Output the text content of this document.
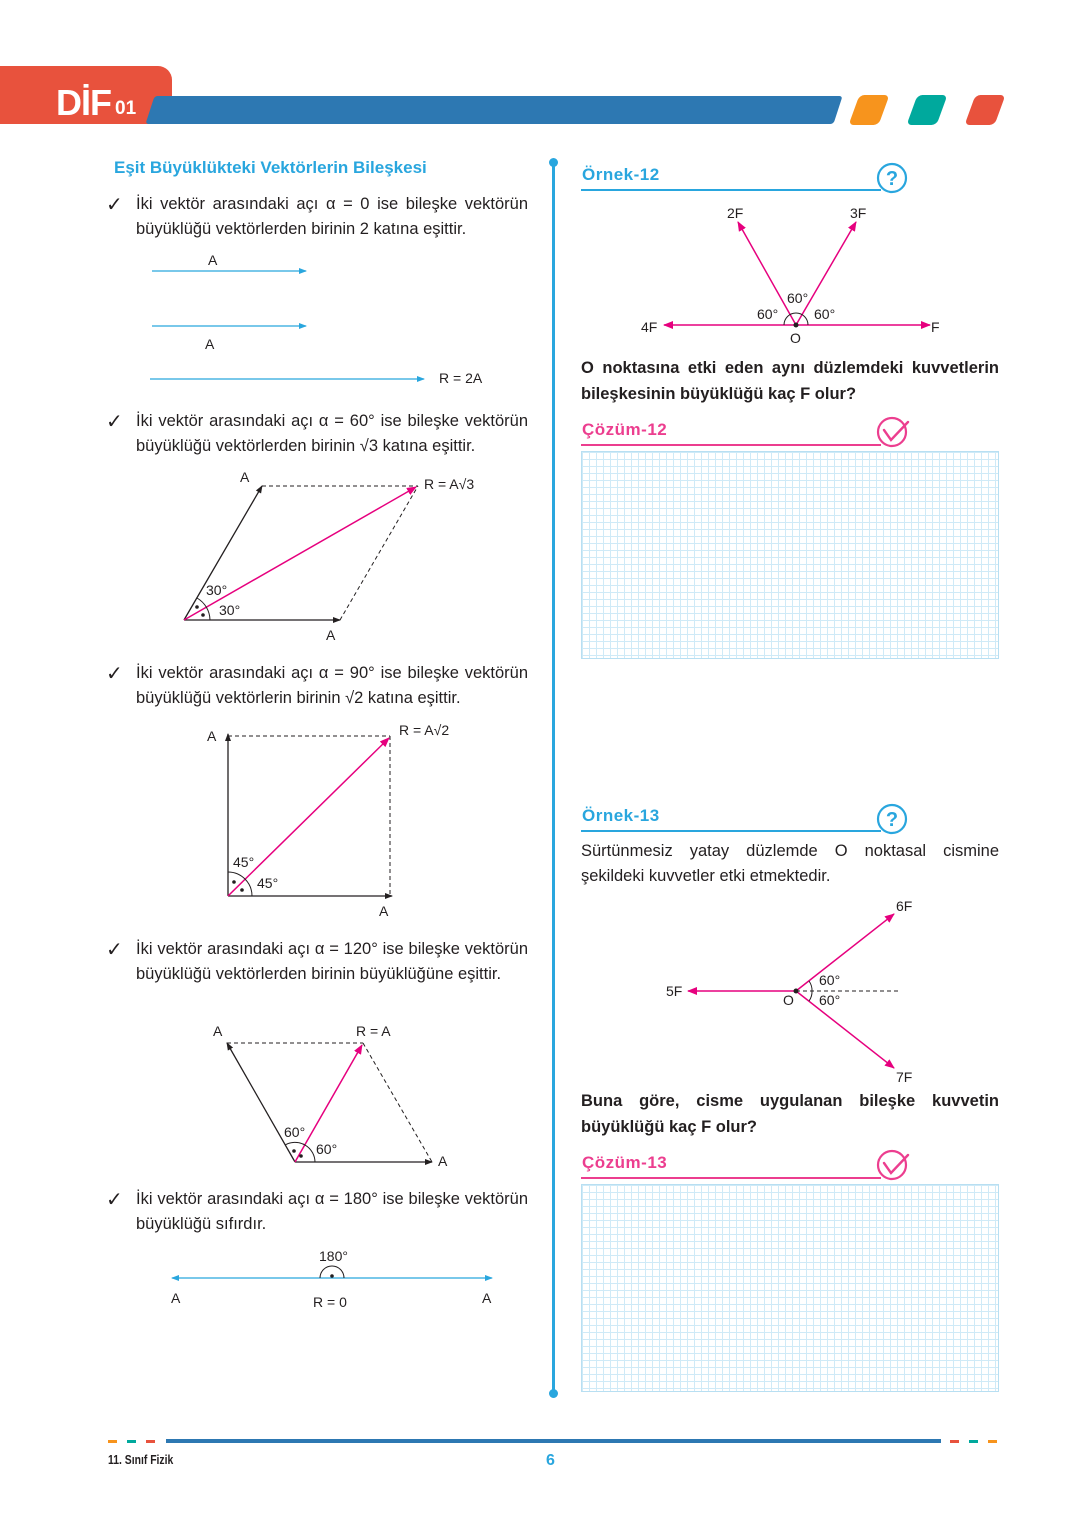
DİF 01
Eşit Büyüklükteki Vektörlerin Bileşkesi
✓ İki vektör arasındaki açı α = 0 ise bileşke vektörün büyüklüğü vektörlerden birinin 2 katına eşittir.
✓ İki vektör arasındaki açı α = 60° ise bileşke vektörün büyüklüğü vektörlerden birinin √3 katına eşittir.
✓ İki vektör arasındaki açı α = 90° ise bileşke vektörün büyüklüğü vektörlerin birinin √2 katına eşittir.
✓ İki vektör arasındaki açı α = 120° ise bileşke vektörün büyüklüğü vektörlerden birinin büyüklüğüne eşittir.
✓ İki vektör arasındaki açı α = 180° ise bileşke vektörün büyüklüğü sıfırdır.
A
A
R = 2A
A
A
R = A√3
30°
30°
A
A
R = A√2
45°
45°
A
A
R = A
60°
60°
A	A
R = 0
180°
Örnek-12	?
2F	3F
4F	F
O
60°
60°	60°
O noktasına etki eden aynı düzlemdeki kuvvetlerin bileşkesinin büyüklüğü kaç F olur?
Çözüm-12
Örnek-13	?
Sürtünmesiz yatay düzlemde O noktasal cismine şekildeki kuvvetler etki etmektedir.
6F
5F
7F
O
60°
60°
Buna göre, cisme uygulanan bileşke kuvvetin büyüklüğü kaç F olur?
Çözüm-13
11. Sınıf Fizik	6
